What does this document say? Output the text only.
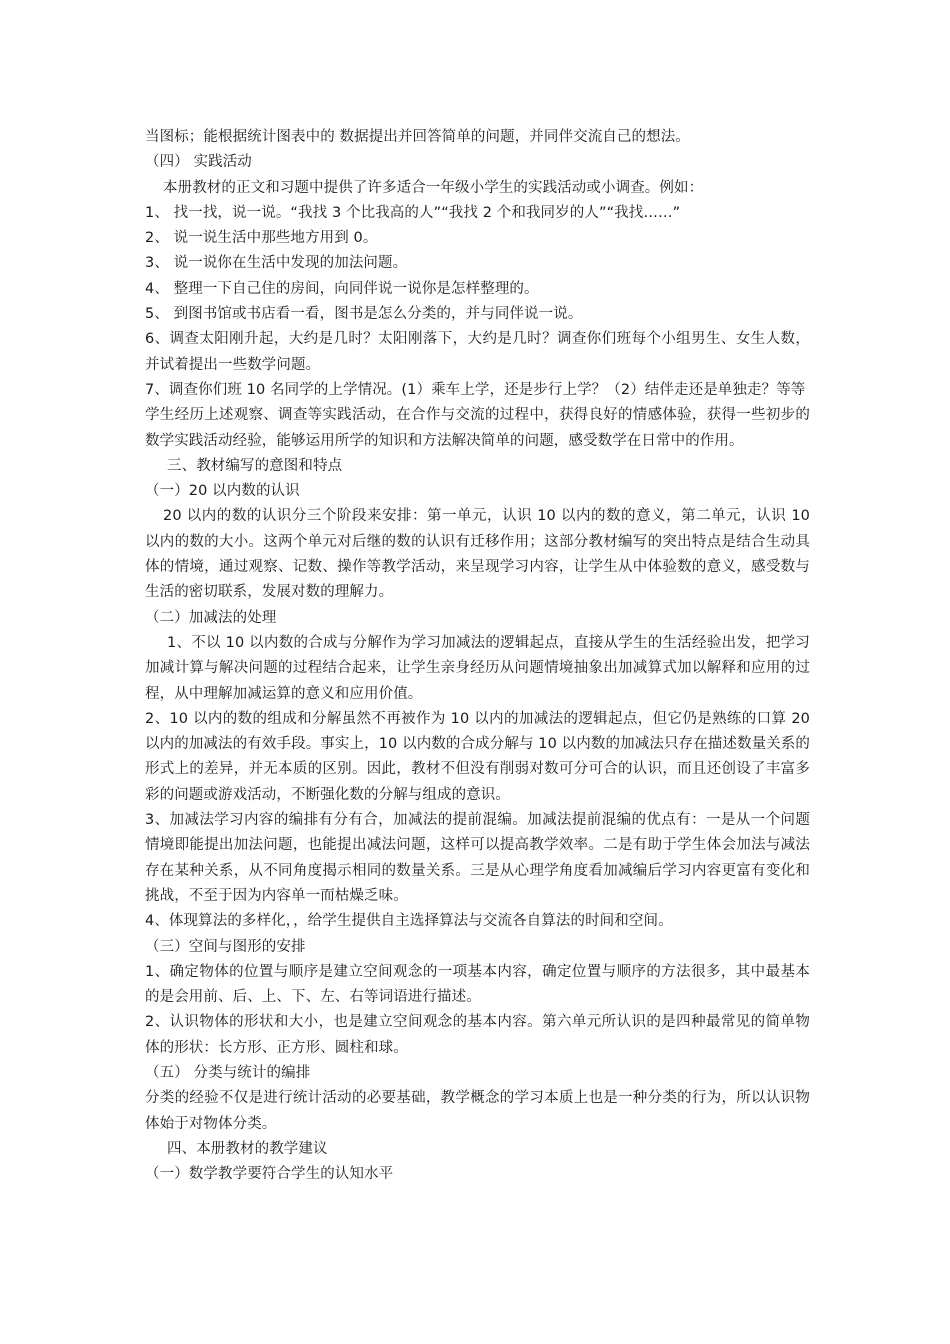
当图标；能根据统计图表中的 数据提出并回答简单的问题，并同伴交流自己的想法。

（四） 实践活动

本册教材的正文和习题中提供了许多适合一年级小学生的实践活动或小调查。例如：

1、 找一找，说一说。“我找 3 个比我高的人”“我找 2 个和我同岁的人”“我找……”

2、 说一说生活中那些地方用到 0。

3、 说一说你在生活中发现的加法问题。

4、 整理一下自己住的房间，向同伴说一说你是怎样整理的。

5、 到图书馆或书店看一看，图书是怎么分类的，并与同伴说一说。

6、调查太阳刚升起，大约是几时？太阳刚落下，大约是几时？调查你们班每个小组男生、女生人数，并试着提出一些数学问题。

7、调查你们班 10 名同学的上学情况。(1）乘车上学，还是步行上学？（2）结伴走还是单独走？等等

学生经历上述观察、调查等实践活动，在合作与交流的过程中，获得良好的情感体验，获得一些初步的数学实践活动经验，能够运用所学的知识和方法解决简单的问题，感受数学在日常中的作用。

三、教材编写的意图和特点

（一）20 以内数的认识

20 以内的数的认识分三个阶段来安排：第一单元，认识 10 以内的数的意义，第二单元，认识 10 以内的数的大小。这两个单元对后继的数的认识有迁移作用；这部分教材编写的突出特点是结合生动具体的情境，通过观察、记数、操作等教学活动，来呈现学习内容，让学生从中体验数的意义，感受数与生活的密切联系，发展对数的理解力。

（二）加减法的处理

1、不以 10 以内数的合成与分解作为学习加减法的逻辑起点，直接从学生的生活经验出发，把学习加减计算与解决问题的过程结合起来，让学生亲身经历从问题情境抽象出加减算式加以解释和应用的过程，从中理解加减运算的意义和应用价值。

2、10 以内的数的组成和分解虽然不再被作为 10 以内的加减法的逻辑起点，但它仍是熟练的口算 20 以内的加减法的有效手段。事实上，10 以内数的合成分解与 10 以内数的加减法只存在描述数量关系的形式上的差异，并无本质的区别。因此，教材不但没有削弱对数可分可合的认识，而且还创设了丰富多彩的问题或游戏活动，不断强化数的分解与组成的意识。

3、加减法学习内容的编排有分有合，加减法的提前混编。加减法提前混编的优点有：一是从一个问题情境即能提出加法问题，也能提出减法问题，这样可以提高教学效率。二是有助于学生体会加法与减法存在某种关系，从不同角度揭示相同的数量关系。三是从心理学角度看加减编后学习内容更富有变化和挑战，不至于因为内容单一而枯燥乏味。

4、体现算法的多样化，，给学生提供自主选择算法与交流各自算法的时间和空间。

（三）空间与图形的安排

1、确定物体的位置与顺序是建立空间观念的一项基本内容，确定位置与顺序的方法很多，其中最基本的是会用前、后、上、下、左、右等词语进行描述。

2、认识物体的形状和大小，也是建立空间观念的基本内容。第六单元所认识的是四种最常见的简单物体的形状：长方形、正方形、圆柱和球。

（五） 分类与统计的编排

分类的经验不仅是进行统计活动的必要基础，教学概念的学习本质上也是一种分类的行为，所以认识物体始于对物体分类。

四、本册教材的教学建议

（一）数学教学要符合学生的认知水平
